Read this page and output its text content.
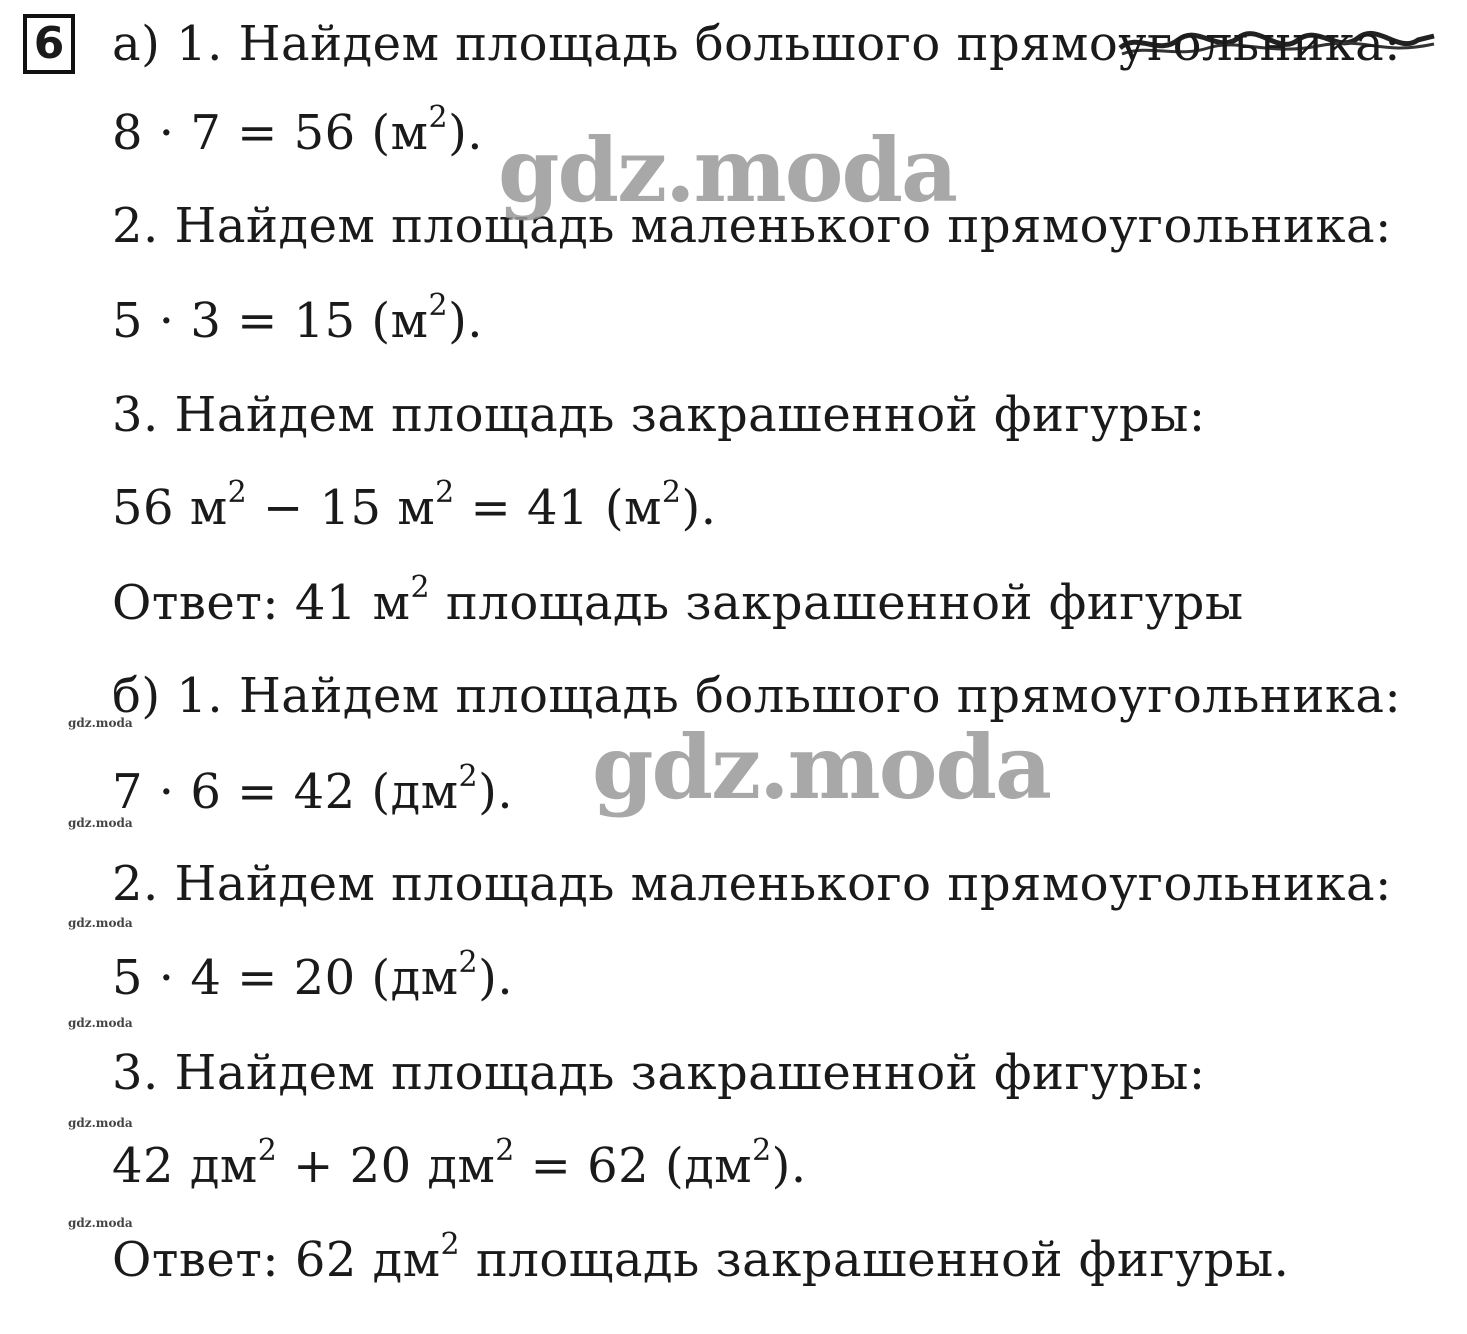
6 а) 1. Найдем площадь большого прямоугольника:
8 · 7 = 56 $(м^2)$.
2. Найдем площадь маленького прямоугольника:
5 · 3 = 15 $(м^2)$.
3. Найдем площадь закрашенной фигуры:
56 $м^2 - 15$ $м^2 = 41$ $(м^2)$.
Ответ: 41 $м^2$ площадь закрашенной фигуры
б) 1. Найдем площадь большого прямоугольника:
7 · 6 = 42 $(дм^2)$.
2. Найдем площадь маленького прямоугольника:
5 · 4 = 20 $(дм^2)$.
3. Найдем площадь закрашенной фигуры:
42 $дм^2 + 20$ $дм^2 = 62$ $(дм^2)$.
Ответ: 62 $дм^2$ площадь закрашенной фигуры.
gdz.moda
gdz.moda
gdz.moda
gdz.moda
gdz.moda
gdz.moda
gdz.moda
gdz.moda
